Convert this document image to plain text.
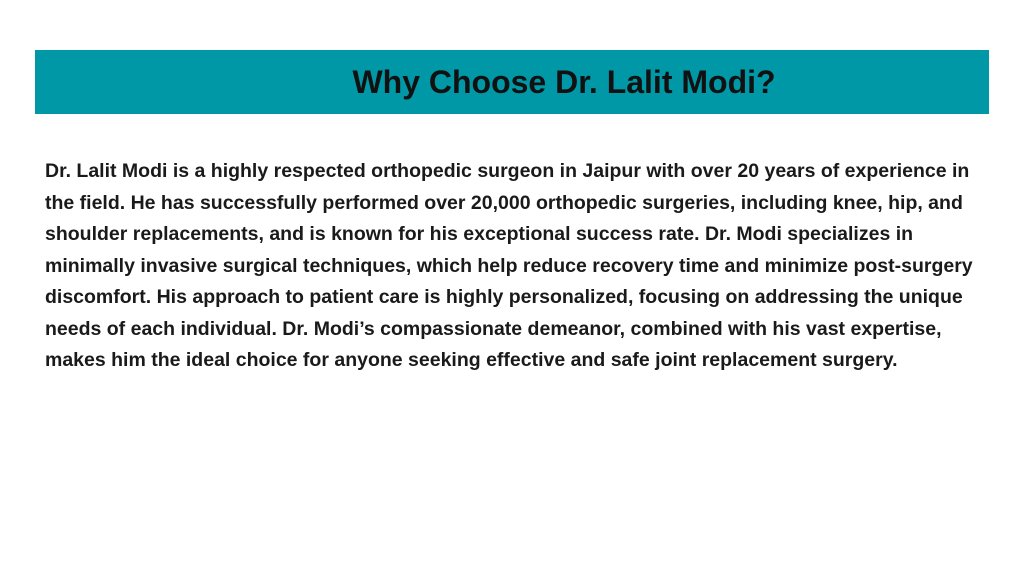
Why Choose Dr. Lalit Modi?

Dr. Lalit Modi is a highly respected orthopedic surgeon in Jaipur with over 20 years of experience in the field. He has successfully performed over 20,000 orthopedic surgeries, including knee, hip, and shoulder replacements, and is known for his exceptional success rate. Dr. Modi specializes in minimally invasive surgical techniques, which help reduce recovery time and minimize post-surgery discomfort. His approach to patient care is highly personalized, focusing on addressing the unique needs of each individual. Dr. Modi’s compassionate demeanor, combined with his vast expertise, makes him the ideal choice for anyone seeking effective and safe joint replacement surgery.
